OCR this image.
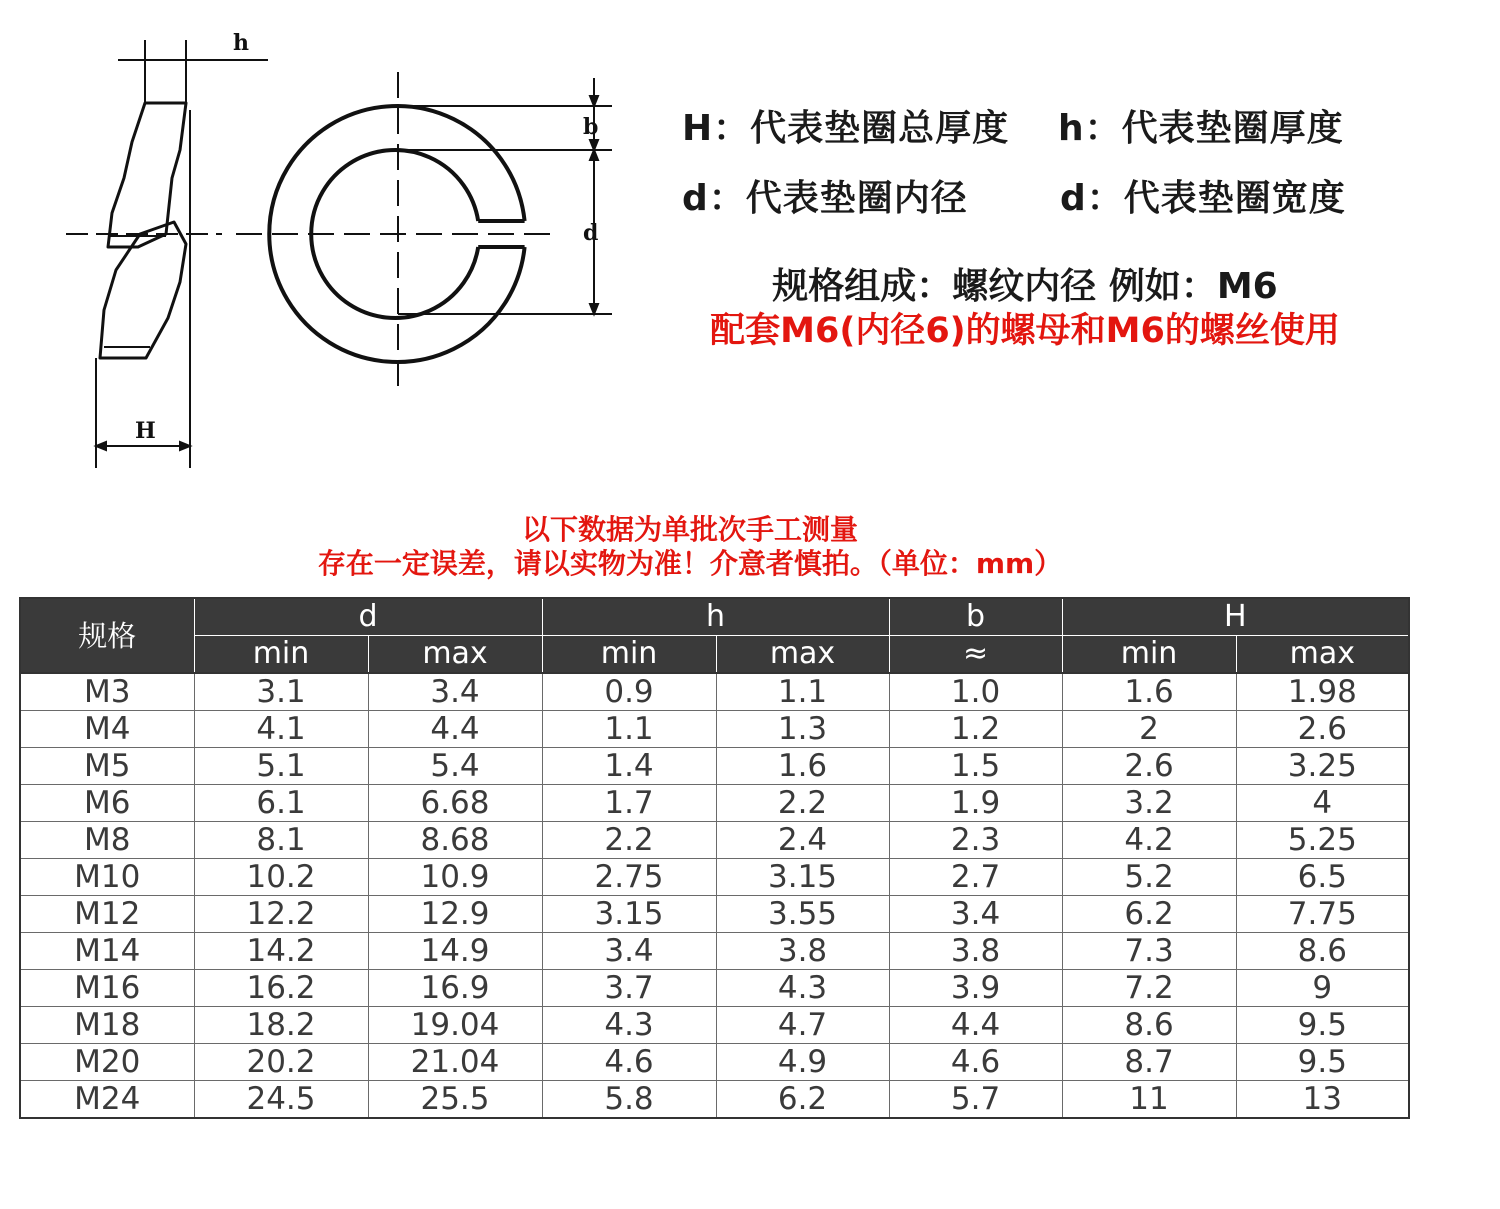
h
H
b
d
H：代表垫圈总厚度 h：代表垫圈厚度
d：代表垫圈内径	d：代表垫圈宽度
规格组成：螺纹内径 例如：M6
配套M6(内径6)的螺母和M6的螺丝使用
以下数据为单批次手工测量
存在一定误差，请以实物为准！介意者慎拍。（单位：mm）
规格	d		h		b	H	
	min	max	min	max	≈	min	max
M3	3.1	3.4	0.9	1.1	1.0	1.6	1.98
M4	4.1	4.4	1.1	1.3	1.2	2	2.6
M5	5.1	5.4	1.4	1.6	1.5	2.6	3.25
M6	6.1	6.68	1.7	2.2	1.9	3.2	4
M8	8.1	8.68	2.2	2.4	2.3	4.2	5.25
M10	10.2	10.9	2.75	3.15	2.7	5.2	6.5
M12	12.2	12.9	3.15	3.55	3.4	6.2	7.75
M14	14.2	14.9	3.4	3.8	3.8	7.3	8.6
M16	16.2	16.9	3.7	4.3	3.9	7.2	9
M18	18.2	19.04	4.3	4.7	4.4	8.6	9.5
M20	20.2	21.04	4.6	4.9	4.6	8.7	9.5
M24	24.5	25.5	5.8	6.2	5.7	11	13
